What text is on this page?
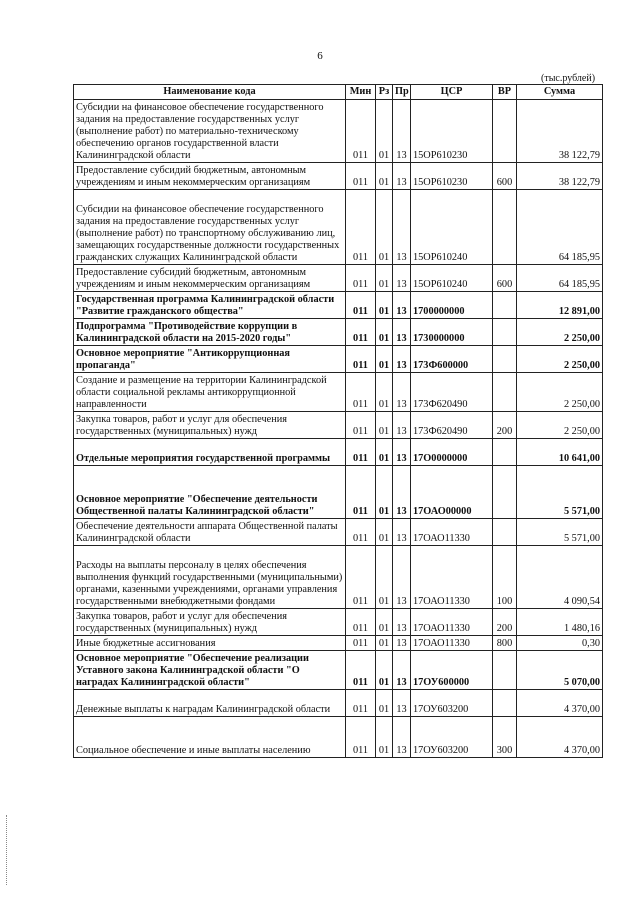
6
(тыс.рублей)
Наименование кода	Мин	Рз	Пр	ЦСР	ВР	Сумма
Субсидии на финансовое обеспечение государственного задания на предоставление государственных услуг (выполнение работ) по материально-техническому обеспечению органов государственной власти Калининградской области	011	01	13	15ОР610230		38 122,79
Предоставление субсидий бюджетным, автономным учреждениям и иным некоммерческим организациям	011	01	13	15ОР610230	600	38 122,79
Субсидии на финансовое обеспечение государственного задания на предоставление государственных услуг (выполнение работ) по транспортному обслуживанию лиц, замещающих государственные должности государственных гражданских служащих Калининградской области	011	01	13	15ОР610240		64 185,95
Предоставление субсидий бюджетным, автономным учреждениям и иным некоммерческим организациям	011	01	13	15ОР610240	600	64 185,95
Государственная программа Калининградской области "Развитие гражданского общества"	011	01	13	1700000000		12 891,00
Подпрограмма "Противодействие коррупции в Калининградской области на 2015-2020 годы"	011	01	13	1730000000		2 250,00
Основное мероприятие "Антикоррупционная пропаганда"	011	01	13	173Ф600000		2 250,00
Создание и размещение на территории Калининградской области социальной рекламы антикоррупционной направленности	011	01	13	173Ф620490		2 250,00
Закупка товаров, работ и услуг для обеспечения государственных (муниципальных) нужд	011	01	13	173Ф620490	200	2 250,00
Отдельные мероприятия государственной программы	011	01	13	17О0000000		10 641,00
Основное мероприятие "Обеспечение деятельности Общественной палаты Калининградской области"	011	01	13	17ОАО00000		5 571,00
Обеспечение деятельности аппарата Общественной палаты Калининградской области	011	01	13	17ОАО11330		5 571,00
Расходы на выплаты персоналу в целях обеспечения выполнения функций государственными (муниципальными) органами, казенными учреждениями, органами управления государственными внебюджетными фондами	011	01	13	17ОАО11330	100	4 090,54
Закупка товаров, работ и услуг для обеспечения государственных (муниципальных) нужд	011	01	13	17ОАО11330	200	1 480,16
Иные бюджетные ассигнования	011	01	13	17ОАО11330	800	0,30
Основное мероприятие "Обеспечение реализации Уставного закона Калининградской области "О наградах Калининградской области"	011	01	13	17ОУ600000		5 070,00
Денежные выплаты к наградам Калининградской области	011	01	13	17ОУ603200		4 370,00
Социальное обеспечение и иные выплаты населению	011	01	13	17ОУ603200	300	4 370,00
